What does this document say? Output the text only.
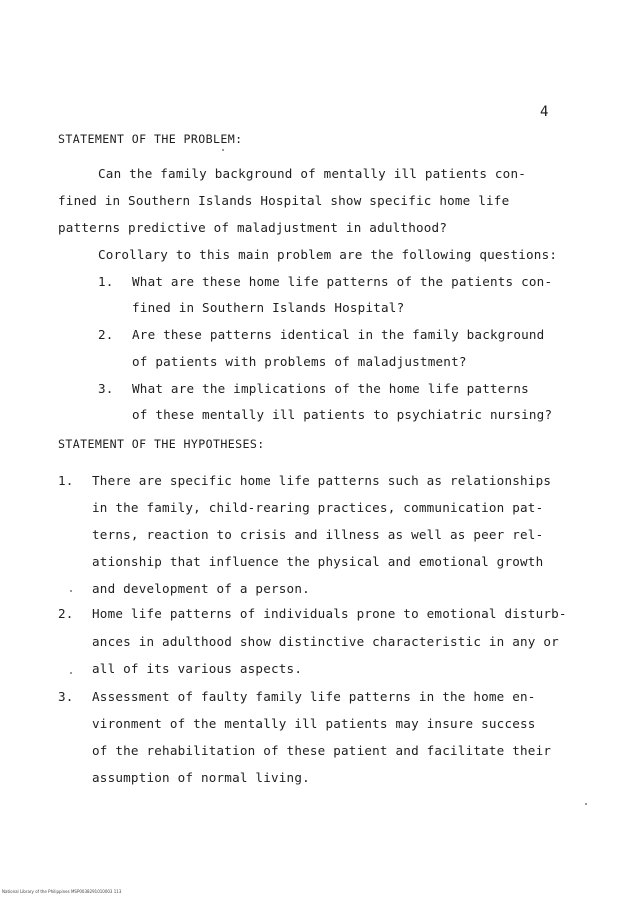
4
STATEMENT OF THE PROBLEM:
Can the family background of mentally ill patients con-
fined in Southern Islands Hospital show specific home life
patterns predictive of maladjustment in adulthood?
Corollary to this main problem are the following questions:
1. What are these home life patterns of the patients con-
fined in Southern Islands Hospital?
2. Are these patterns identical in the family background
of patients with problems of maladjustment?
3. What are the implications of the home life patterns
of these mentally ill patients to psychiatric nursing?
STATEMENT OF THE HYPOTHESES:
1. There are specific home life patterns such as relationships
in the family, child-rearing practices, communication pat-
terns, reaction to crisis and illness as well as peer rel-
ationship that influence the physical and emotional growth
and development of a person.
2. Home life patterns of individuals prone to emotional disturb-
ances in adulthood show distinctive characteristic in any or
all of its various aspects.
3. Assessment of faulty family life patterns in the home en-
vironment of the mentally ill patients may insure success
of the rehabilitation of these patient and facilitate their
assumption of normal living.
National Library of the Philippines MSP0038291010003 113
